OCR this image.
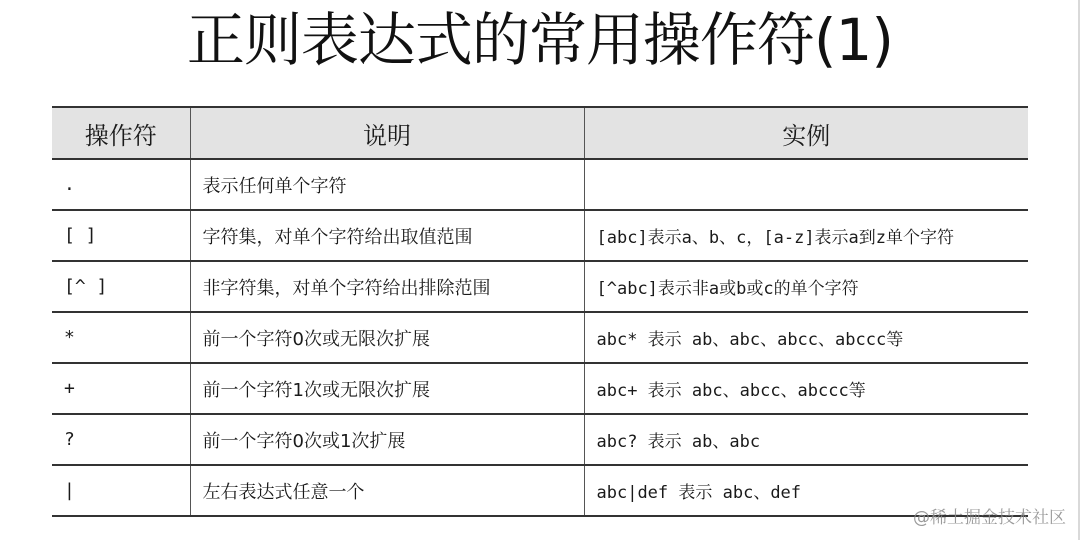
正则表达式的常用操作符(1)
操作符	说明	实例
.	表示任何单个字符	
[ ]	字符集，对单个字符给出取值范围	[abc]表示a、b、c，[a-z]表示a到z单个字符
[^ ]	非字符集，对单个字符给出排除范围	[^abc]表示非a或b或c的单个字符
*	前一个字符0次或无限次扩展	abc* 表示 ab、abc、abcc、abccc等
+	前一个字符1次或无限次扩展	abc+ 表示 abc、abcc、abccc等
?	前一个字符0次或1次扩展	abc? 表示 ab、abc
|	左右表达式任意一个	abc|def 表示 abc、def
@稀土掘金技术社区
